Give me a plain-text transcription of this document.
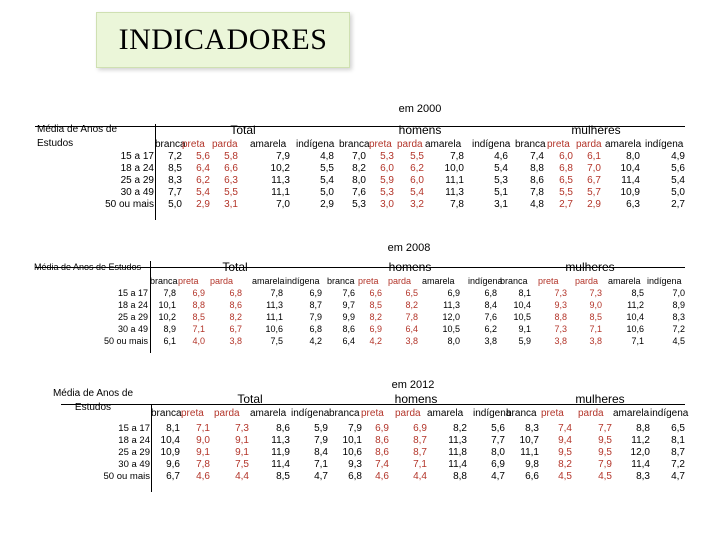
INDICADORES
em 2000
Média de Anos de Estudos
Total	homens	mulheres
branca
preta parda amarela indígena branca preta parda amarela indígena branca preta parda amarela indígena
15 a 17	7,2	5,6	5,8	7,9	4,8	7,0	5,3	5,5	7,8	4,6	7,4	6,0	6,1	8,0	4,9
18 a 24	8,5	6,4	6,6	10,2	5,5	8,2	6,0	6,2	10,0	5,4	8,8	6,8	7,0	10,4	5,6
25 a 29	8,3	6,2	6,3	11,3	5,4	8,0	5,9	6,0	11,1	5,3	8,6	6,5	6,7	11,4	5,4
30 a 49	7,7	5,4	5,5	11,1	5,0	7,6	5,3	5,4	11,3	5,1	7,8	5,5	5,7	10,9	5,0
50 ou mais	5,0	2,9	3,1	7,0	2,9	5,3	3,0	3,2	7,8	3,1	4,8	2,7	2,9	6,3	2,7
em 2008
Média de Anos de Estudos	Total	homens	mulheres
branca preta parda amarela indígena branca preta parda amarela indígena
branca preta parda amarela indígena
15 a 17	7,8	6,9	6,8	7,8	6,9	7,6	6,6	6,5	6,9	6,8	8,1	7,3	7,3	8,5	7,0
18 a 24	10,1	8,8	8,6	11,3	8,7	9,7	8,5	8,2	11,3	8,4	10,4	9,3	9,0	11,2	8,9
25 a 29	10,2	8,5	8,2	11,1	7,9	9,9	8,2	7,8	12,0	7,6	10,5	8,8	8,5	10,4	8,3
30 a 49	8,9	7,1	6,7	10,6	6,8	8,6	6,9	6,4	10,5	6,2	9,1	7,3	7,1	10,6	7,2
50 ou mais	6,1	4,0	3,8	7,5	4,2	6,4	4,2	3,8	8,0	3,8	5,9	3,8	3,8	7,1	4,5
em 2012
Média de Anos de Estudos
Total	homens	mulheres
branca preta parda amarela indígena branca preta parda amarela indígena
branca preta parda amarela indígena
15 a 17	8,1	7,1	7,3	8,6	5,9	7,9	6,9	6,9	8,2	5,6	8,3	7,4	7,7	8,8	6,5
18 a 24	10,4	9,0	9,1	11,3	7,9	10,1	8,6	8,7	11,3	7,7	10,7	9,4	9,5	11,2	8,1
25 a 29	10,9	9,1	9,1	11,9	8,4	10,6	8,6	8,7	11,8	8,0	11,1	9,5	9,5	12,0	8,7
30 a 49	9,6	7,8	7,5	11,4	7,1	9,3	7,4	7,1	11,4	6,9	9,8	8,2	7,9	11,4	7,2
50 ou mais	6,7	4,6	4,4	8,5	4,7	6,8	4,6	4,4	8,8	4,7	6,6	4,5	4,5	8,3	4,7
